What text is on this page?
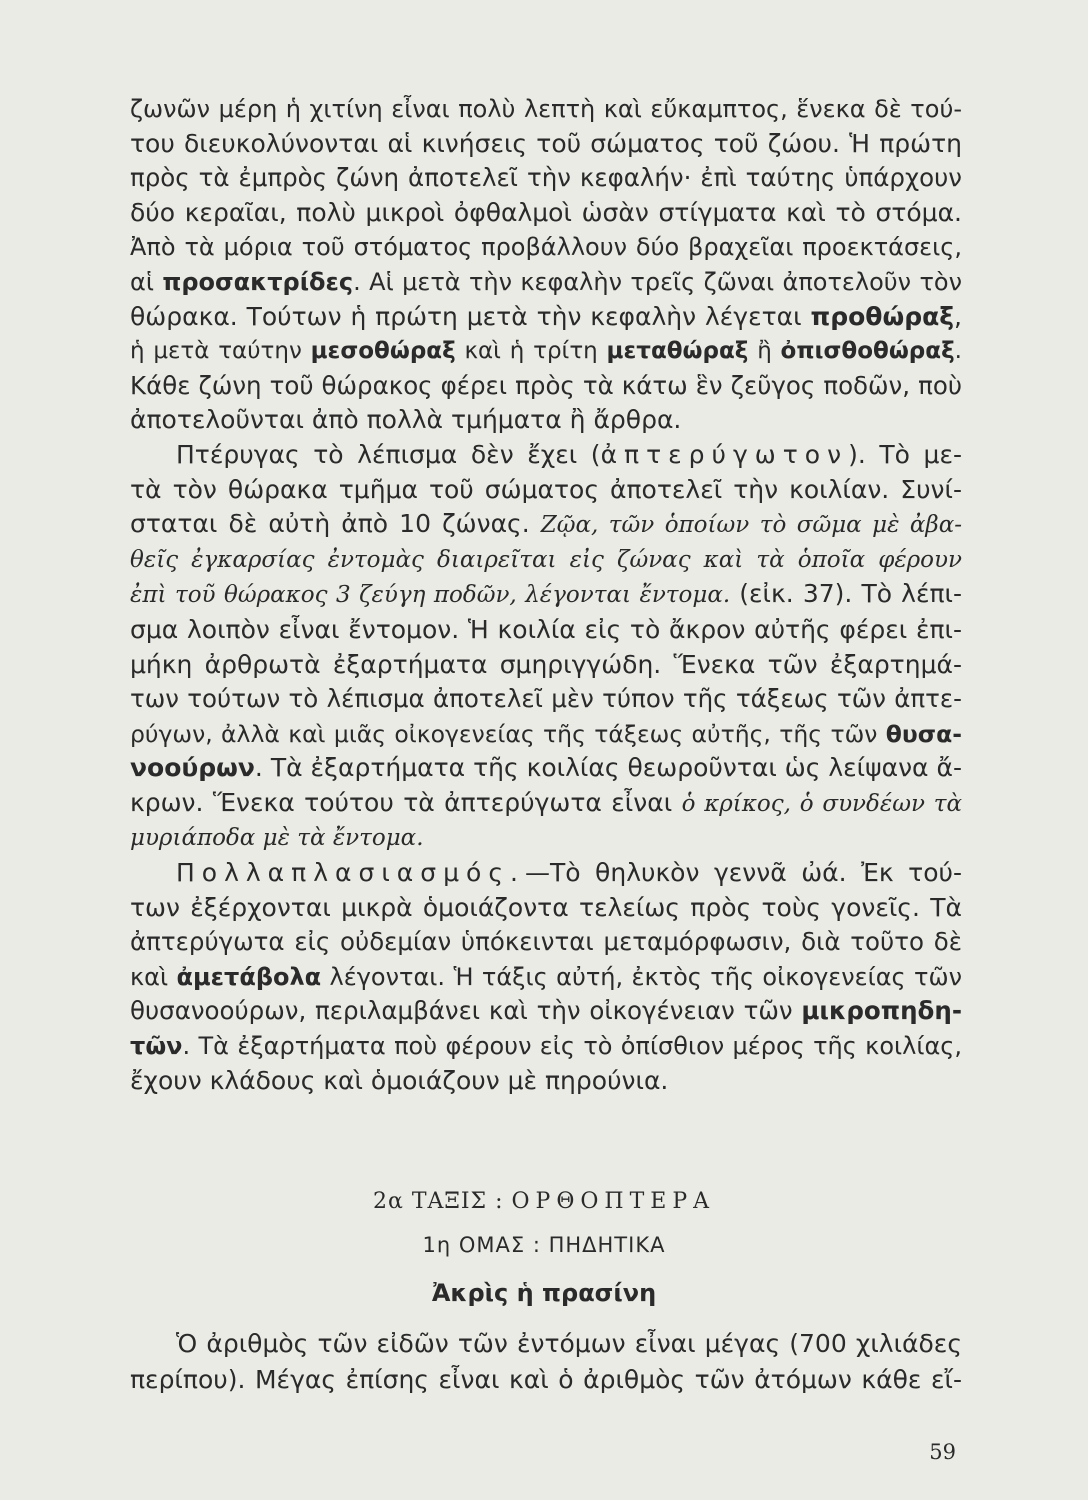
ζωνῶν μέρη ἡ χιτίνη εἶναι πολὺ λεπτὴ καὶ εὔκαμπτος, ἕνεκα δὲ τού-
του διευκολύνονται αἱ κινήσεις τοῦ σώματος τοῦ ζώου. Ἡ πρώτη
πρὸς τὰ ἐμπρὸς ζώνη ἀποτελεῖ τὴν κεφαλήν· ἐπὶ ταύτης ὑπάρχουν
δύο κεραῖαι, πολὺ μικροὶ ὀφθαλμοὶ ὡσὰν στίγματα καὶ τὸ στόμα.
Ἀπὸ τὰ μόρια τοῦ στόματος προβάλλουν δύο βραχεῖαι προεκτάσεις,
αἱ προσακτρίδες. Αἱ μετὰ τὴν κεφαλὴν τρεῖς ζῶναι ἀποτελοῦν τὸν
θώρακα. Τούτων ἡ πρώτη μετὰ τὴν κεφαλὴν λέγεται προθώραξ,
ἡ μετὰ ταύτην μεσοθώραξ καὶ ἡ τρίτη μεταθώραξ ἢ ὀπισθοθώραξ.
Κάθε ζώνη τοῦ θώρακος φέρει πρὸς τὰ κάτω ἓν ζεῦγος ποδῶν, ποὺ
ἀποτελοῦνται ἀπὸ πολλὰ τμήματα ἢ ἄρθρα.
Πτέρυγας τὸ λέπισμα δὲν ἔχει (ἀπτερύγωτον). Τὸ με-
τὰ τὸν θώρακα τμῆμα τοῦ σώματος ἀποτελεῖ τὴν κοιλίαν. Συνί-
σταται δὲ αὐτὴ ἀπὸ 10 ζώνας. Ζῷα, τῶν ὁποίων τὸ σῶμα μὲ ἀβα-
θεῖς ἐγκαρσίας ἐντομὰς διαιρεῖται εἰς ζώνας καὶ τὰ ὁποῖα φέρουν
ἐπὶ τοῦ θώρακος 3 ζεύγη ποδῶν, λέγονται ἔντομα. (εἰκ. 37). Τὸ λέπι-
σμα λοιπὸν εἶναι ἔντομον. Ἡ κοιλία εἰς τὸ ἄκρον αὐτῆς φέρει ἐπι-
μήκη ἀρθρωτὰ ἐξαρτήματα σμηριγγώδη. Ἕνεκα τῶν ἐξαρτημά-
των τούτων τὸ λέπισμα ἀποτελεῖ μὲν τύπον τῆς τάξεως τῶν ἀπτε-
ρύγων, ἀλλὰ καὶ μιᾶς οἰκογενείας τῆς τάξεως αὐτῆς, τῆς τῶν θυσα-
νοούρων. Τὰ ἐξαρτήματα τῆς κοιλίας θεωροῦνται ὡς λείψανα ἄ-
κρων. Ἕνεκα τούτου τὰ ἀπτερύγωτα εἶναι ὁ κρίκος, ὁ συνδέων τὰ
μυριάποδα μὲ τὰ ἔντομα.
Πολλαπλασιασμός.—Τὸ θηλυκὸν γεννᾶ ὠά. Ἐκ τού-
των ἐξέρχονται μικρὰ ὁμοιάζοντα τελείως πρὸς τοὺς γονεῖς. Τὰ
ἀπτερύγωτα εἰς οὐδεμίαν ὑπόκεινται μεταμόρφωσιν, διὰ τοῦτο δὲ
καὶ ἀμετάβολα λέγονται. Ἡ τάξις αὐτή, ἐκτὸς τῆς οἰκογενείας τῶν
θυσανοούρων, περιλαμβάνει καὶ τὴν οἰκογένειαν τῶν μικροπηδη-
τῶν. Τὰ ἐξαρτήματα ποὺ φέρουν εἰς τὸ ὀπίσθιον μέρος τῆς κοιλίας,
ἔχουν κλάδους καὶ ὁμοιάζουν μὲ πηρούνια.
2α ΤΑΞΙΣ : ΟΡΘΟΠΤΕΡΑ
1η ΟΜΑΣ : ΠΗΔΗΤΙΚΑ
Ἀκρὶς ἡ πρασίνη
Ὁ ἀριθμὸς τῶν εἰδῶν τῶν ἐντόμων εἶναι μέγας (700 χιλιάδες
περίπου). Μέγας ἐπίσης εἶναι καὶ ὁ ἀριθμὸς τῶν ἀτόμων κάθε εἴ-
59
